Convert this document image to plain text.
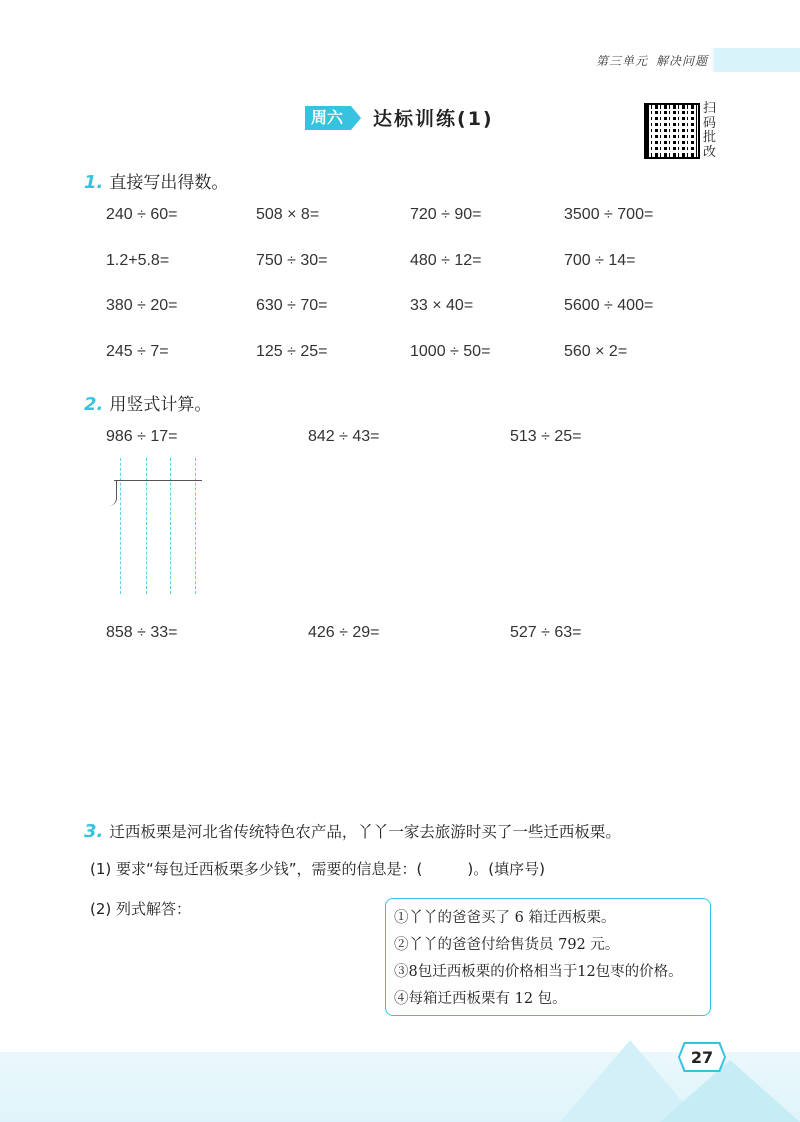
第三单元 解决问题
周六	达标训练(1)	扫码批改
1. 直接写出得数。
240 ÷ 60=	508 × 8=	720 ÷ 90=	3500 ÷ 700=
1.2+5.8=	750 ÷ 30=	480 ÷ 12=	700 ÷ 14=
380 ÷ 20=	630 ÷ 70=	33 × 40=	5600 ÷ 400=
245 ÷ 7=	125 ÷ 25=	1000 ÷ 50=	560 × 2=
2. 用竖式计算。
986 ÷ 17=	842 ÷ 43=	513 ÷ 25=
858 ÷ 33=	426 ÷ 29=	527 ÷ 63=
3. 迁西板栗是河北省传统特色农产品，丫丫一家去旅游时买了一些迁西板栗。
(1) 要求“每包迁西板栗多少钱”，需要的信息是：(　　　)。(填序号)
(2) 列式解答：	①丫丫的爸爸买了 6 箱迁西板栗。
②丫丫的爸爸付给售货员 792 元。
③8包迁西板栗的价格相当于12包枣的价格。
④每箱迁西板栗有 12 包。
27
